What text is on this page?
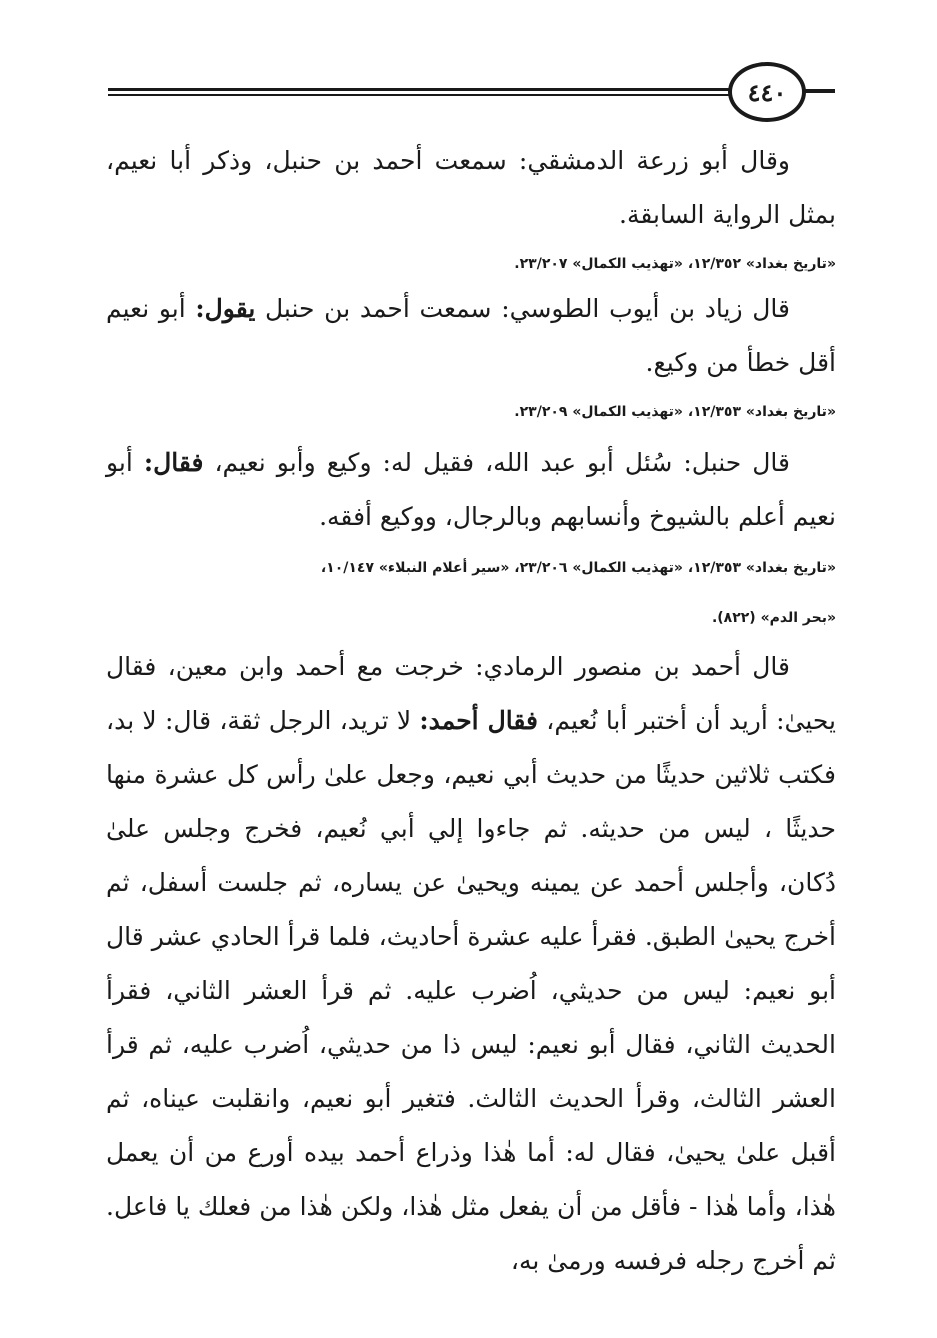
٤٤٠

وقال أبو زرعة الدمشقي: سمعت أحمد بن حنبل، وذكر أبا نعيم، بمثل الرواية السابقة.

«تاريخ بغداد» ١٢/٣٥٢، «تهذيب الكمال» ٢٣/٢٠٧.

قال زياد بن أيوب الطوسي: سمعت أحمد بن حنبل يقول: أبو نعيم أقل خطأ من وكيع.

«تاريخ بغداد» ١٢/٣٥٣، «تهذيب الكمال» ٢٣/٢٠٩.

قال حنبل: سُئل أبو عبد الله، فقيل له: وكيع وأبو نعيم، فقال: أبو نعيم أعلم بالشيوخ وأنسابهم وبالرجال، ووكيع أفقه.

«تاريخ بغداد» ١٢/٣٥٣، «تهذيب الكمال» ٢٣/٢٠٦، «سير أعلام النبلاء» ١٠/١٤٧،

«بحر الدم» (٨٢٢).

قال أحمد بن منصور الرمادي: خرجت مع أحمد وابن معين، فقال يحيىٰ: أريد أن أختبر أبا نُعيم، فقال أحمد: لا تريد، الرجل ثقة، قال: لا بد، فكتب ثلاثين حديثًا من حديث أبي نعيم، وجعل علىٰ رأس كل عشرة منها حديثًا ، ليس من حديثه. ثم جاءوا إلي أبي نُعيم، فخرج وجلس علىٰ دُكان، وأجلس أحمد عن يمينه ويحيىٰ عن يساره، ثم جلست أسفل، ثم أخرج يحيىٰ الطبق. فقرأ عليه عشرة أحاديث، فلما قرأ الحادي عشر قال أبو نعيم: ليس من حديثي، اُضرب عليه. ثم قرأ العشر الثاني، فقرأ الحديث الثاني، فقال أبو نعيم: ليس ذا من حديثي، اُضرب عليه، ثم قرأ العشر الثالث، وقرأ الحديث الثالث. فتغير أبو نعيم، وانقلبت عيناه، ثم أقبل علىٰ يحيىٰ، فقال له: أما هٰذا وذراع أحمد بيده أورع من أن يعمل هٰذا، وأما هٰذا - فأقل من أن يفعل مثل هٰذا، ولكن هٰذا من فعلك يا فاعل. ثم أخرج رجله فرفسه ورمىٰ به،
